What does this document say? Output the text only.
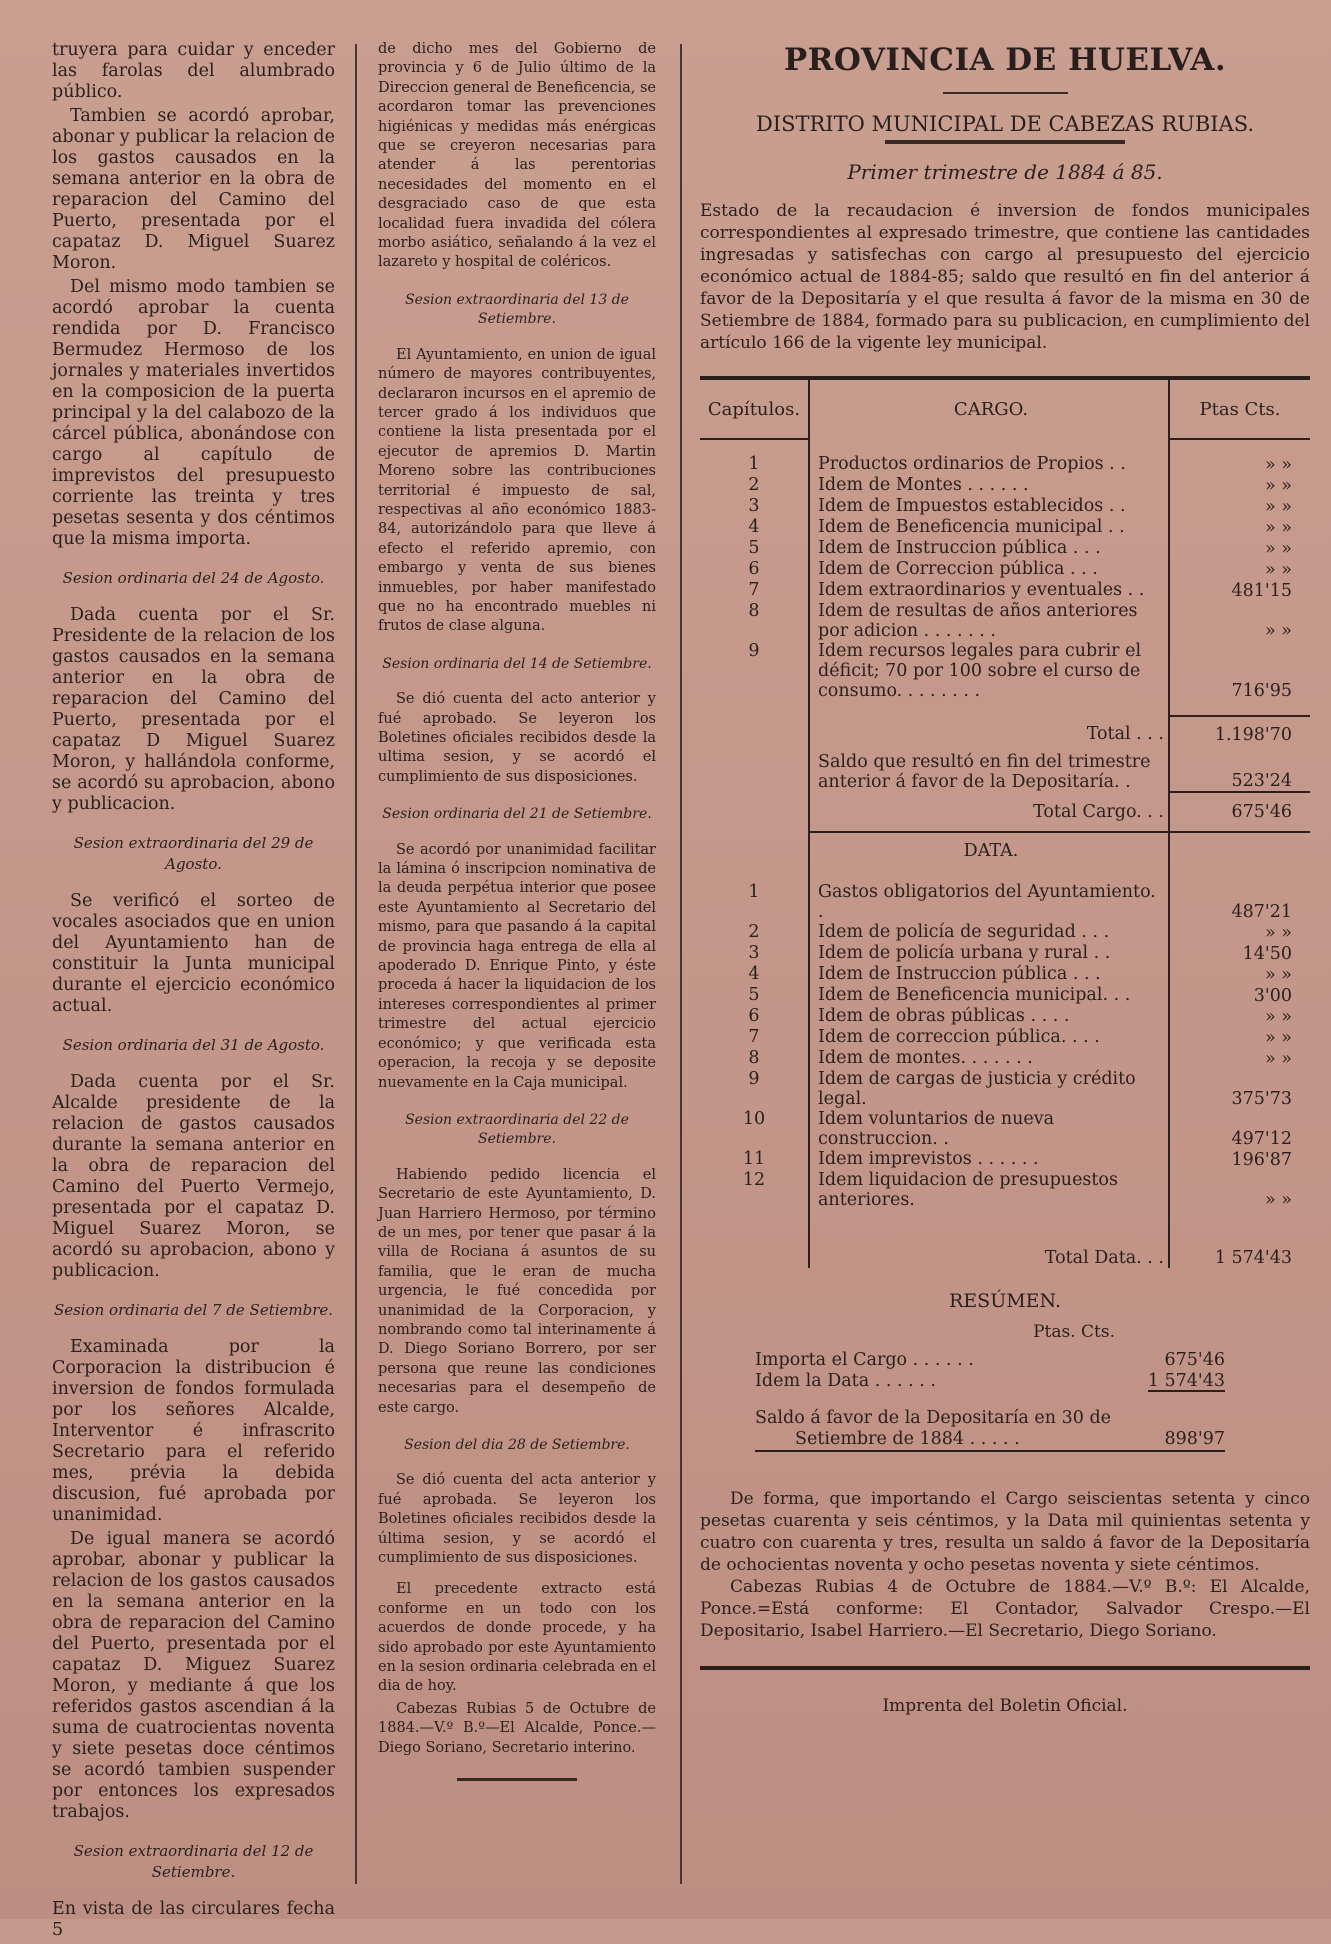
truyera para cuidar y enceder las farolas del alumbrado público.

Tambien se acordó aprobar, abonar y publicar la relacion de los gastos causados en la semana anterior en la obra de reparacion del Camino del Puerto, presentada por el capataz D. Miguel Suarez Moron.

Del mismo modo tambien se acordó aprobar la cuenta rendida por D. Francisco Bermudez Hermoso de los jornales y materiales invertidos en la composicion de la puerta principal y la del calabozo de la cárcel pública, abonándose con cargo al capítulo de imprevistos del presupuesto corriente las treinta y tres pesetas sesenta y dos céntimos que la misma importa.

Sesion ordinaria del 24 de Agosto.

Dada cuenta por el Sr. Presidente de la relacion de los gastos causados en la semana anterior en la obra de reparacion del Camino del Puerto, presentada por el capataz D Miguel Suarez Moron, y hallándola conforme, se acordó su aprobacion, abono y publicacion.

Sesion extraordinaria del 29 de Agosto.

Se verificó el sorteo de vocales asociados que en union del Ayuntamiento han de constituir la Junta municipal durante el ejercicio económico actual.

Sesion ordinaria del 31 de Agosto.

Dada cuenta por el Sr. Alcalde presidente de la relacion de gastos causados durante la semana anterior en la obra de reparacion del Camino del Puerto Vermejo, presentada por el capataz D. Miguel Suarez Moron, se acordó su aprobacion, abono y publicacion.

Sesion ordinaria del 7 de Setiembre.

Examinada por la Corporacion la distribucion é inversion de fondos formulada por los señores Alcalde, Interventor é infrascrito Secretario para el referido mes, prévia la debida discusion, fué aprobada por unanimidad.

De igual manera se acordó aprobar, abonar y publicar la relacion de los gastos causados en la semana anterior en la obra de reparacion del Camino del Puerto, presentada por el capataz D. Miguez Suarez Moron, y mediante á que los referidos gastos ascendian á la suma de cuatrocientas noventa y siete pesetas doce céntimos se acordó tambien suspender por entonces los expresados trabajos.

Sesion extraordinaria del 12 de Setiembre.

En vista de las circulares fecha 5

de dicho mes del Gobierno de provincia y 6 de Julio último de la Direccion general de Beneficencia, se acordaron tomar las prevenciones higiénicas y medidas más enérgicas que se creyeron necesarias para atender á las perentorias necesidades del momento en el desgraciado caso de que esta localidad fuera invadida del cólera morbo asiático, señalando á la vez el lazareto y hospital de coléricos.

Sesion extraordinaria del 13 de Setiembre.

El Ayuntamiento, en union de igual número de mayores contribuyentes, declararon incursos en el apremio de tercer grado á los individuos que contiene la lista presentada por el ejecutor de apremios D. Martin Moreno sobre las contribuciones territorial é impuesto de sal, respectivas al año económico 1883-84, autorizándolo para que lleve á efecto el referido apremio, con embargo y venta de sus bienes inmuebles, por haber manifestado que no ha encontrado muebles ni frutos de clase alguna.

Sesion ordinaria del 14 de Setiembre.

Se dió cuenta del acto anterior y fué aprobado. Se leyeron los Boletines oficiales recibidos desde la ultima sesion, y se acordó el cumplimiento de sus disposiciones.

Sesion ordinaria del 21 de Setiembre.

Se acordó por unanimidad facilitar la lámina ó inscripcion nominativa de la deuda perpétua interior que posee este Ayuntamiento al Secretario del mismo, para que pasando á la capital de provincia haga entrega de ella al apoderado D. Enrique Pinto, y éste proceda á hacer la liquidacion de los intereses correspondientes al primer trimestre del actual ejercicio económico; y que verificada esta operacion, la recoja y se deposite nuevamente en la Caja municipal.

Sesion extraordinaria del 22 de Setiembre.

Habiendo pedido licencia el Secretario de este Ayuntamiento, D. Juan Harriero Hermoso, por término de un mes, por tener que pasar á la villa de Rociana á asuntos de su familia, que le eran de mucha urgencia, le fué concedida por unanimidad de la Corporacion, y nombrando como tal interinamente á D. Diego Soriano Borrero, por ser persona que reune las condiciones necesarias para el desempeño de este cargo.

Sesion del dia 28 de Setiembre.

Se dió cuenta del acta anterior y fué aprobada. Se leyeron los Boletines oficiales recibidos desde la última sesion, y se acordó el cumplimiento de sus disposiciones.

El precedente extracto está conforme en un todo con los acuerdos de donde procede, y ha sido aprobado por este Ayuntamiento en la sesion ordinaria celebrada en el dia de hoy.

Cabezas Rubias 5 de Octubre de 1884.—V.º B.º—El Alcalde, Ponce.—Diego Soriano, Secretario interino.

PROVINCIA DE HUELVA.
DISTRITO MUNICIPAL DE CABEZAS RUBIAS.
Primer trimestre de 1884 á 85.

Estado de la recaudacion é inversion de fondos municipales correspondientes al expresado trimestre, que contiene las cantidades ingresadas y satisfechas con cargo al presupuesto del ejercicio económico actual de 1884-85; saldo que resultó en fin del anterior á favor de la Depositaría y el que resulta á favor de la misma en 30 de Setiembre de 1884, formado para su publicacion, en cumplimiento del artículo 166 de la vigente ley municipal.

Capítulos.	CARGO.	Ptas Cts.

1	Productos ordinarios de Propios . .	» »
2	Idem de Montes . . . . . .	» »
3	Idem de Impuestos establecidos . .	» »
4	Idem de Beneficencia municipal . .	» »
5	Idem de Instruccion pública . . .	» »
6	Idem de Correccion pública . . .	» »
7	Idem extraordinarios y eventuales . .	481'15
8	Idem de resultas de años anteriores por adicion . . . . . . .	» »
9	Idem recursos legales para cubrir el déficit; 70 por 100 sobre el curso de consumo. . . . . . . .	716'95

	Total . . .	1.198'70
	Saldo que resultó en fin del trimestre anterior á favor de la Depositaría. .	523'24
	Total Cargo. . .	675'46
	DATA.	

1	Gastos obligatorios del Ayuntamiento. .	487'21
2	Idem de policía de seguridad . . .	» »
3	Idem de policía urbana y rural . .	14'50
4	Idem de Instruccion pública . . .	» »
5	Idem de Beneficencia municipal. . .	3'00
6	Idem de obras públicas . . . .	» »
7	Idem de correccion pública. . . .	» »
8	Idem de montes. . . . . . .	» »
9	Idem de cargas de justicia y crédito legal.	375'73
10	Idem voluntarios de nueva construccion. .	497'12
11	Idem imprevistos . . . . . .	196'87
12	Idem liquidacion de presupuestos anteriores.	» »

	Total Data. . .	1 574'43
RESÚMEN.
Ptas. Cts.
Importa el Cargo . . . . . .	675'46
Idem la Data . . . . . .	1 574'43
Saldo á favor de la Depositaría en 30 de
Setiembre de 1884 . . . . .	898'97

De forma, que importando el Cargo seiscientas setenta y cinco pesetas cuarenta y seis céntimos, y la Data mil quinientas setenta y cuatro con cuarenta y tres, resulta un saldo á favor de la Depositaría de ochocientas noventa y ocho pesetas noventa y siete céntimos.

Cabezas Rubias 4 de Octubre de 1884.—V.º B.º: El Alcalde, Ponce.=Está conforme: El Contador, Salvador Crespo.—El Depositario, Isabel Harriero.—El Secretario, Diego Soriano.

Imprenta del Boletin Oficial.
